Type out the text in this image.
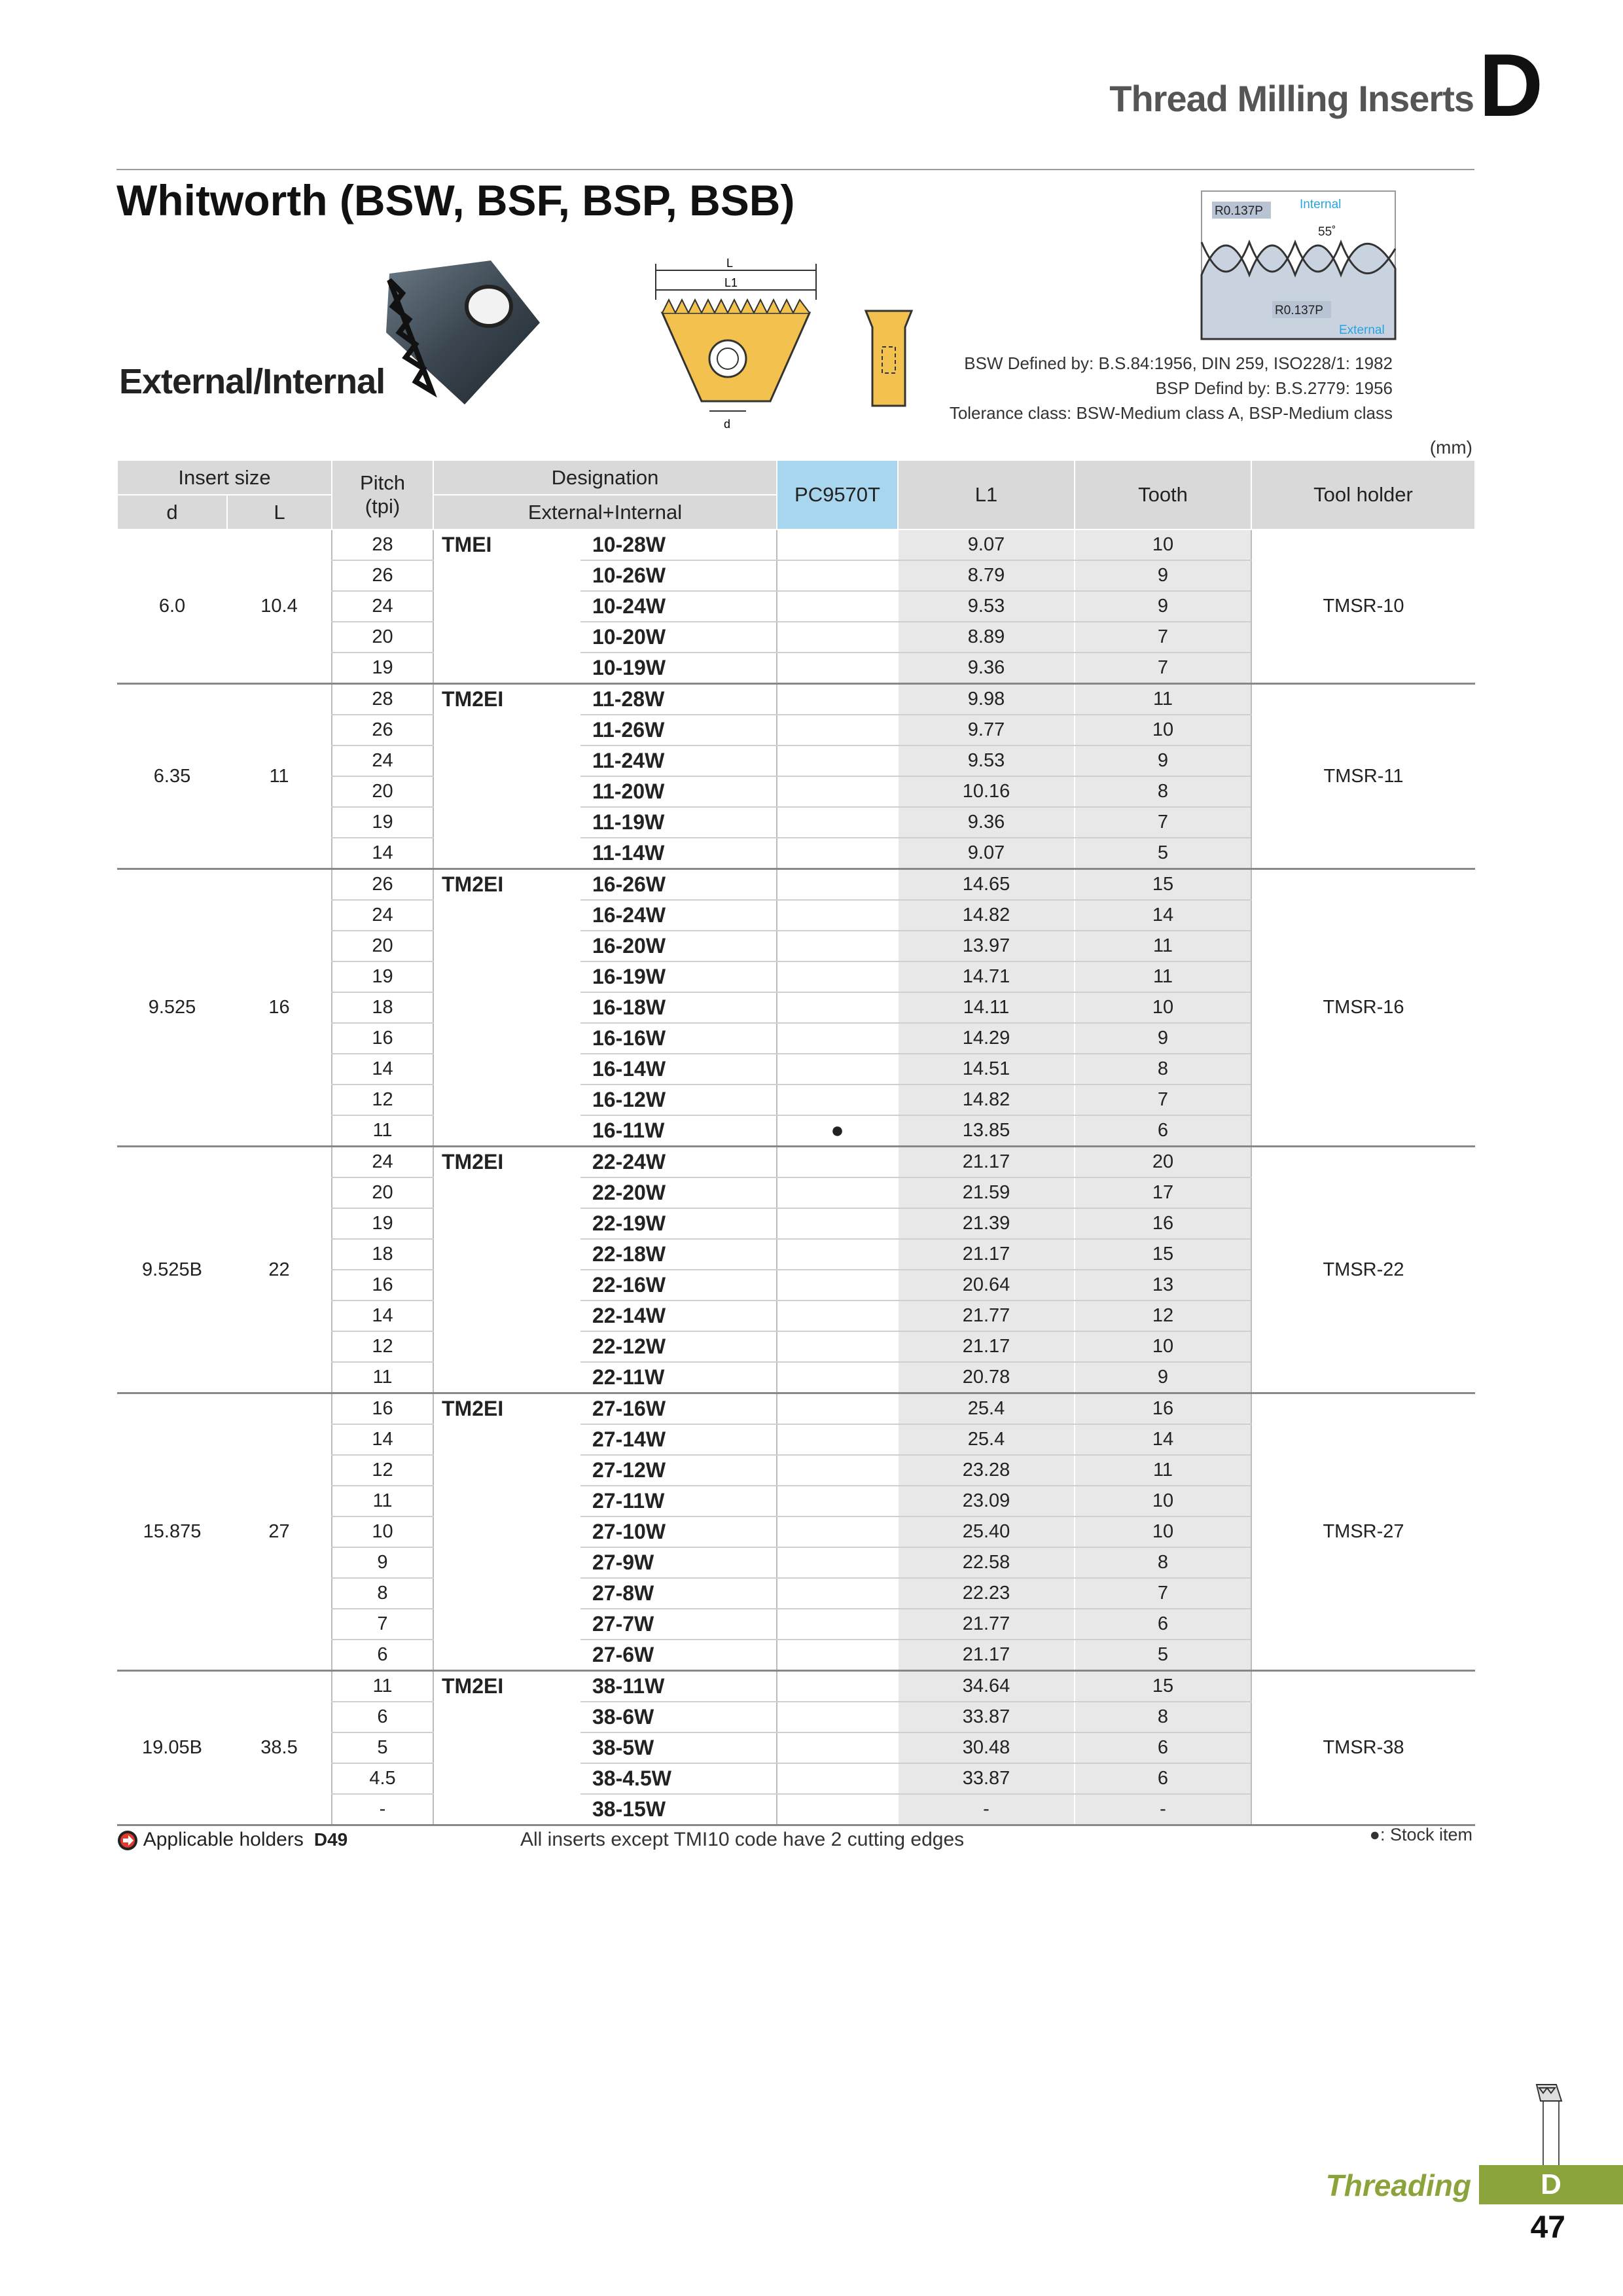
Thread Milling Inserts D
Whitworth (BSW, BSF, BSP, BSB)
External/Internal
L
L1
d
R0.137P	Internal
55˚
R0.137P
External
BSW Defined by: B.S.84:1956, DIN 259, ISO228/1: 1982
BSP Defind by: B.S.2779: 1956
Tolerance class: BSW-Medium class A, BSP-Medium class
(mm)
Insert size		Pitch
(tpi)	Designation		PC9570T	L1	Tooth	Tool holder
d	L		External+Internal					
6.0	10.4	28	TMEI	10-28W		9.07	10	TMSR-10
		26		10-26W		8.79	9	
		24		10-24W		9.53	9	
		20		10-20W		8.89	7	
		19		10-19W		9.36	7	
6.35	11	28	TM2EI	11-28W		9.98	11	TMSR-11
		26		11-26W		9.77	10	
		24		11-24W		9.53	9	
		20		11-20W		10.16	8	
		19		11-19W		9.36	7	
		14		11-14W		9.07	5	
9.525	16	26	TM2EI	16-26W		14.65	15	TMSR-16
		24		16-24W		14.82	14	
		20		16-20W		13.97	11	
		19		16-19W		14.71	11	
		18		16-18W		14.11	10	
		16		16-16W		14.29	9	
		14		16-14W		14.51	8	
		12		16-12W		14.82	7	
		11		16-11W	●	13.85	6	
9.525B	22	24	TM2EI	22-24W		21.17	20	TMSR-22
		20		22-20W		21.59	17	
		19		22-19W		21.39	16	
		18		22-18W		21.17	15	
		16		22-16W		20.64	13	
		14		22-14W		21.77	12	
		12		22-12W		21.17	10	
		11		22-11W		20.78	9	
15.875	27	16	TM2EI	27-16W		25.4	16	TMSR-27
		14		27-14W		25.4	14	
		12		27-12W		23.28	11	
		11		27-11W		23.09	10	
		10		27-10W		25.40	10	
		9		27-9W		22.58	8	
		8		27-8W		22.23	7	
		7		27-7W		21.77	6	
		6		27-6W		21.17	5	
19.05B	38.5	11	TM2EI	38-11W		34.64	15	TMSR-38
		6		38-6W		33.87	8	
		5		38-5W		30.48	6	
		4.5		38-4.5W		33.87	6	
		-		38-15W		-	-	
Applicable holders D49	All inserts except TMI10 code have 2 cutting edges	●: Stock item
Threading	D
47
